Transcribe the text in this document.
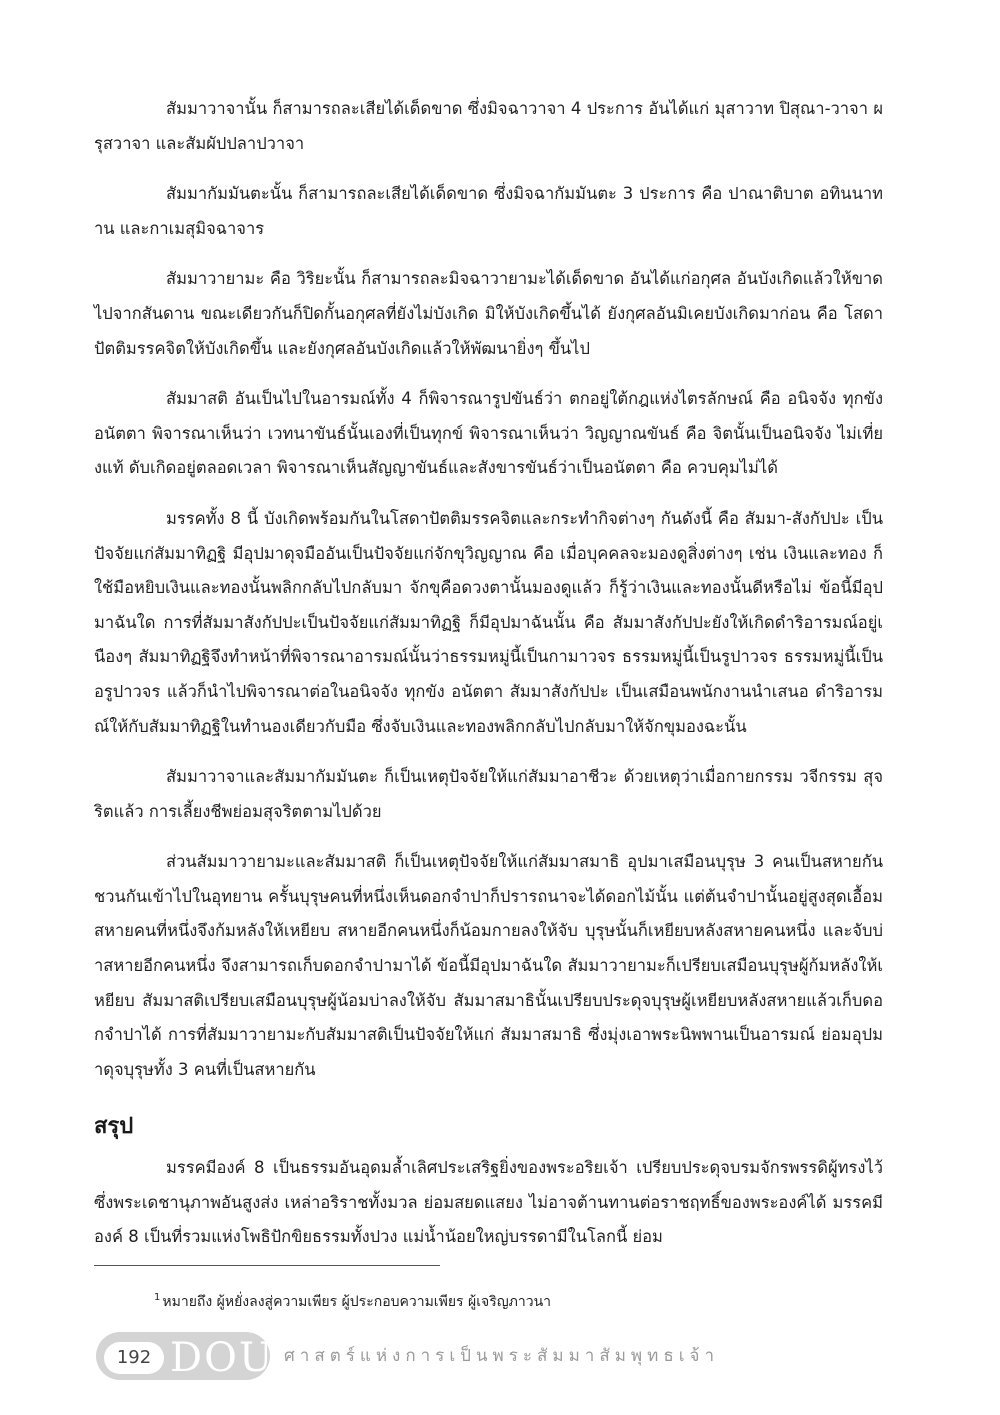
สัมมาวาจานั้น ก็สามารถละเสียได้เด็ดขาด ซึ่งมิจฉาวาจา 4 ประการ อันได้แก่ มุสาวาท ปิสุณา-วาจา ผรุสวาจา และสัมผัปปลาปวาจา

สัมมากัมมันตะนั้น ก็สามารถละเสียได้เด็ดขาด ซึ่งมิจฉากัมมันตะ 3 ประการ คือ ปาณาติบาต อทินนาทาน และกาเมสุมิจฉาจาร

สัมมาวายามะ คือ วิริยะนั้น ก็สามารถละมิจฉาวายามะได้เด็ดขาด อันได้แก่อกุศล อันบังเกิดแล้วให้ขาดไปจากสันดาน ขณะเดียวกันก็ปิดกั้นอกุศลที่ยังไม่บังเกิด มิให้บังเกิดขึ้นได้ ยังกุศลอันมิเคยบังเกิดมาก่อน คือ โสดาปัตติมรรคจิตให้บังเกิดขึ้น และยังกุศลอันบังเกิดแล้วให้พัฒนายิ่งๆ ขึ้นไป

สัมมาสติ อันเป็นไปในอารมณ์ทั้ง 4 ก็พิจารณารูปขันธ์ว่า ตกอยู่ใต้กฎแห่งไตรลักษณ์ คือ อนิจจัง ทุกขัง อนัตตา พิจารณาเห็นว่า เวทนาขันธ์นั้นเองที่เป็นทุกข์ พิจารณาเห็นว่า วิญญาณขันธ์ คือ จิตนั้นเป็นอนิจจัง ไม่เที่ยงแท้ ดับเกิดอยู่ตลอดเวลา พิจารณาเห็นสัญญาขันธ์และสังขารขันธ์ว่าเป็นอนัตตา คือ ควบคุมไม่ได้

มรรคทั้ง 8 นี้ บังเกิดพร้อมกันในโสดาปัตติมรรคจิตและกระทำกิจต่างๆ กันดังนี้ คือ สัมมา-สังกัปปะ เป็นปัจจัยแก่สัมมาทิฏฐิ มีอุปมาดุจมืออันเป็นปัจจัยแก่จักขุวิญญาณ คือ เมื่อบุคคลจะมองดูสิ่งต่างๆ เช่น เงินและทอง ก็ใช้มือหยิบเงินและทองนั้นพลิกกลับไปกลับมา จักขุคือดวงตานั้นมองดูแล้ว ก็รู้ว่าเงินและทองนั้นดีหรือไม่ ข้อนี้มีอุปมาฉันใด การที่สัมมาสังกัปปะเป็นปัจจัยแก่สัมมาทิฏฐิ ก็มีอุปมาฉันนั้น คือ สัมมาสังกัปปะยังให้เกิดดำริอารมณ์อยู่เนืองๆ สัมมาทิฏฐิจึงทำหน้าที่พิจารณาอารมณ์นั้นว่าธรรมหมู่นี้เป็นกามาวจร ธรรมหมู่นี้เป็นรูปาวจร ธรรมหมู่นี้เป็นอรูปาวจร แล้วก็นำไปพิจารณาต่อในอนิจจัง ทุกขัง อนัตตา สัมมาสังกัปปะ เป็นเสมือนพนักงานนำเสนอ ดำริอารมณ์ให้กับสัมมาทิฏฐิในทำนองเดียวกับมือ ซึ่งจับเงินและทองพลิกกลับไปกลับมาให้จักขุมองฉะนั้น

สัมมาวาจาและสัมมากัมมันตะ ก็เป็นเหตุปัจจัยให้แก่สัมมาอาชีวะ ด้วยเหตุว่าเมื่อกายกรรม วจีกรรม สุจริตแล้ว การเลี้ยงชีพย่อมสุจริตตามไปด้วย

ส่วนสัมมาวายามะและสัมมาสติ ก็เป็นเหตุปัจจัยให้แก่สัมมาสมาธิ อุปมาเสมือนบุรุษ 3 คนเป็นสหายกัน ชวนกันเข้าไปในอุทยาน ครั้นบุรุษคนที่หนึ่งเห็นดอกจำปาก็ปรารถนาจะได้ดอกไม้นั้น แต่ต้นจำปานั้นอยู่สูงสุดเอื้อม สหายคนที่หนึ่งจึงก้มหลังให้เหยียบ สหายอีกคนหนึ่งก็น้อมกายลงให้จับ บุรุษนั้นก็เหยียบหลังสหายคนหนึ่ง และจับบ่าสหายอีกคนหนึ่ง จึงสามารถเก็บดอกจำปามาได้ ข้อนี้มีอุปมาฉันใด สัมมาวายามะก็เปรียบเสมือนบุรุษผู้ก้มหลังให้เหยียบ สัมมาสติเปรียบเสมือนบุรุษผู้น้อมบ่าลงให้จับ สัมมาสมาธินั้นเปรียบประดุจบุรุษผู้เหยียบหลังสหายแล้วเก็บดอกจำปาได้ การที่สัมมาวายามะกับสัมมาสติเป็นปัจจัยให้แก่ สัมมาสมาธิ ซึ่งมุ่งเอาพระนิพพานเป็นอารมณ์ ย่อมอุปมาดุจบุรุษทั้ง 3 คนที่เป็นสหายกัน

สรุป

มรรคมีองค์ 8 เป็นธรรมอันอุดมล้ำเลิศประเสริฐยิ่งของพระอริยเจ้า เปรียบประดุจบรมจักรพรรดิผู้ทรงไว้ซึ่งพระเดชานุภาพอันสูงส่ง เหล่าอริราชทั้งมวล ย่อมสยดแสยง ไม่อาจต้านทานต่อราชฤทธิ์ของพระองค์ได้ มรรคมีองค์ 8 เป็นที่รวมแห่งโพธิปักขิยธรรมทั้งปวง แม่น้ำน้อยใหญ่บรรดามีในโลกนี้ ย่อม

$^1$ หมายถึง ผู้หยั่งลงสู่ความเพียร ผู้ประกอบความเพียร ผู้เจริญภาวนา

192 DOU ศาสตร์แห่งการเป็นพระสัมมาสัมพุทธเจ้า
